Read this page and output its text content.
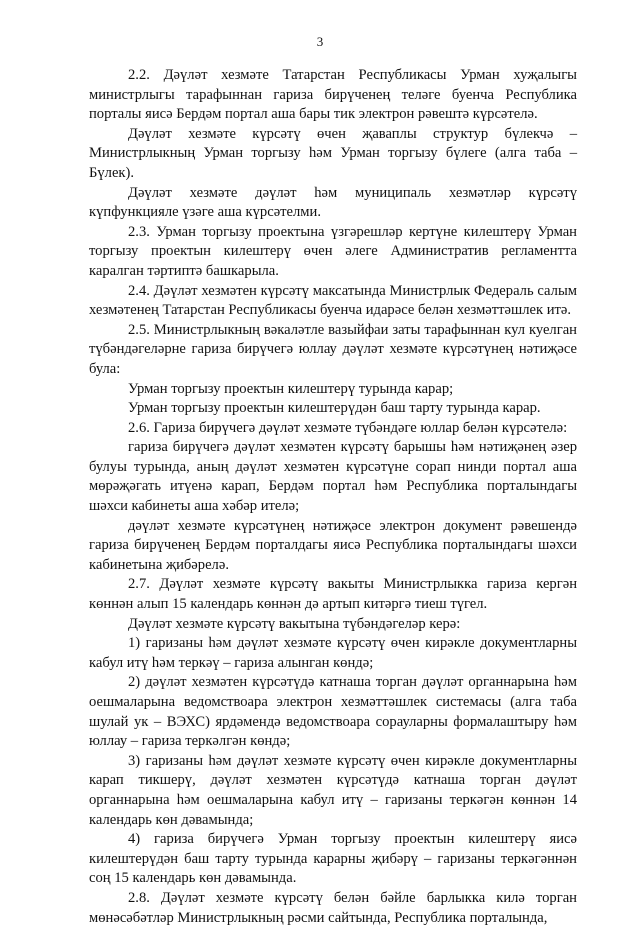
3

2.2. Дәүләт хезмәте Татарстан Республикасы Урман хуҗалыгы министрлыгы тарафыннан гариза бирүченең теләге буенча Республика порталы яисә Бердәм портал аша бары тик электрон рәвештә күрсәтелә.

Дәүләт хезмәте күрсәтү өчен җаваплы структур бүлекчә – Министрлыкның Урман торгызу һәм Урман торгызу бүлеге (алга таба – Бүлек).

Дәүләт хезмәте дәүләт һәм муниципаль хезмәтләр күрсәтү күпфункцияле үзәге аша күрсәтелми.

2.3. Урман торгызу проектына үзгәрешләр кертүне килештерү Урман торгызу проектын килештерү өчен әлеге Административ регламентта каралган тәртиптә башкарыла.

2.4. Дәүләт хезмәтен күрсәтү максатында Министрлык Федераль салым хезмәтенең Татарстан Республикасы буенча идарәсе белән хезмәттәшлек итә.

2.5. Министрлыкның вәкаләтле вазыйфаи заты тарафыннан кул куелган түбәндәгеләрне гариза бирүчегә юллау дәүләт хезмәте күрсәтүнең нәтиҗәсе була:

Урман торгызу проектын килештерү турында карар;

Урман торгызу проектын килештерүдән баш тарту турында карар.

2.6. Гариза бирүчегә дәүләт хезмәте түбәндәге юллар белән күрсәтелә:

гариза бирүчегә дәүләт хезмәтен күрсәтү барышы һәм нәтиҗәнең әзер булуы турында, аның дәүләт хезмәтен күрсәтүне сорап нинди портал аша мөрәҗәгать итүенә карап, Бердәм портал һәм Республика порталындагы шәхси кабинеты аша хәбәр ителә;

дәүләт хезмәте күрсәтүнең нәтиҗәсе электрон документ рәвешендә гариза бирүченең Бердәм порталдагы яисә Республика порталындагы шәхси кабинетына җибәрелә.

2.7. Дәүләт хезмәте күрсәтү вакыты Министрлыкка гариза кергән көннән алып 15 календарь көннән дә артып китәргә тиеш түгел.

Дәүләт хезмәте күрсәтү вакытына түбәндәгеләр керә:

1) гаризаны һәм дәүләт хезмәте күрсәтү өчен кирәкле документларны кабул итү һәм теркәү – гариза алынган көндә;

2) дәүләт хезмәтен күрсәтүдә катнаша торган дәүләт органнарына һәм оешмаларына ведомствоара электрон хезмәттәшлек системасы (алга таба шулай ук – ВЭХС) ярдәмендә ведомствоара сорауларны формалаштыру һәм юллау – гариза теркәлгән көндә;

3) гаризаны һәм дәүләт хезмәте күрсәтү өчен кирәкле документларны карап тикшерү, дәүләт хезмәтен күрсәтүдә катнаша торган дәүләт органнарына һәм оешмаларына кабул итү – гаризаны теркәгән көннән 14 календарь көн дәвамында;

4) гариза бирүчегә Урман торгызу проектын килештерү яисә килештерүдән баш тарту турында карарны җибәрү – гаризаны теркәгәннән соң 15 календарь көн дәвамында.

2.8. Дәүләт хезмәте күрсәтү белән бәйле барлыкка килә торган мөнәсәбәтләр Министрлыкның рәсми сайтында, Республика порталында,
